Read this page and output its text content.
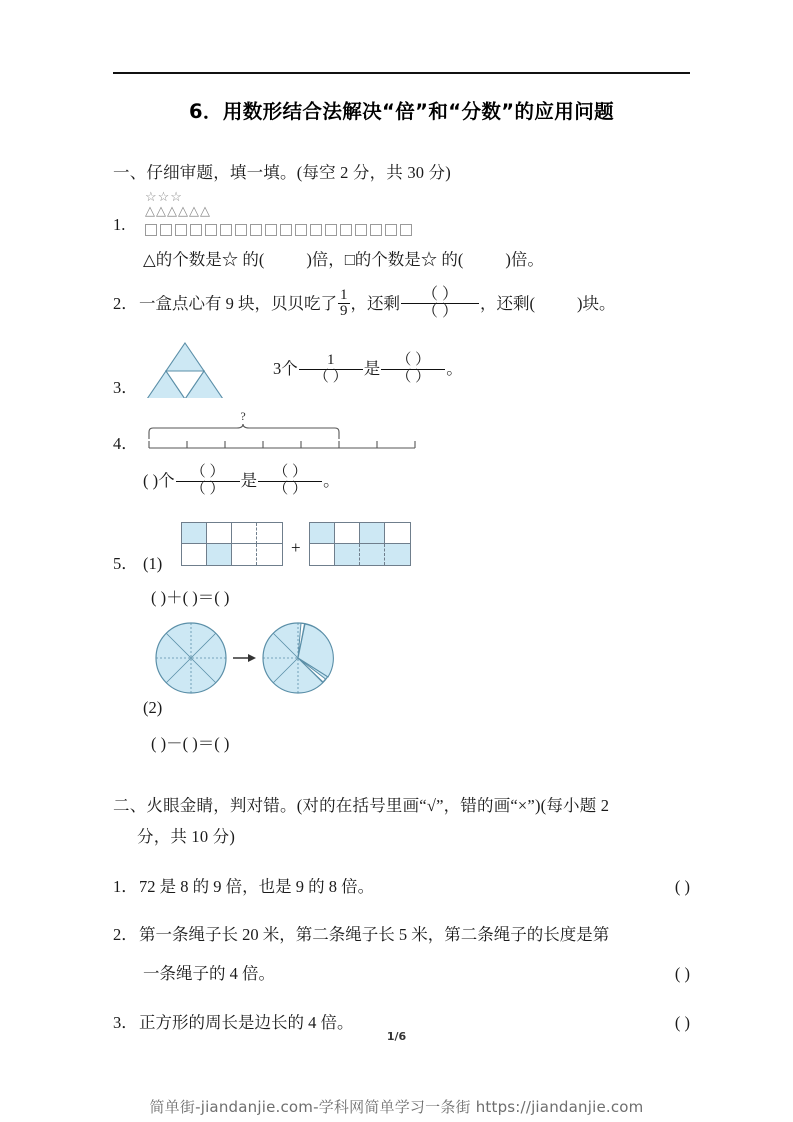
6．用数形结合法解决“倍”和“分数”的应用问题
一、仔细审题，填一填。(每空 2 分，共 30 分)
☆☆☆
△△△△△△
1.
△的个数是☆ 的(	)倍，□的个数是☆ 的(	)倍。
2．一盒点心有 9 块，贝贝吃了 $\frac{1}{9}$ ，还剩 $\frac{( )}{( )}$ ，还剩(	)块。
3．
3个 $\frac{1}{( )}$ 是 $\frac{( )}{( )}$ 。
4．
?
( )个 $\frac{( )}{( )}$ 是 $\frac{( )}{( )}$ 。
5． (1)
+
( )＋( )＝( )
(2)
( )－( )＝( )
二、火眼金睛，判对错。(对的在括号里画“√”，错的画“×”)(每小题 2
分，共 10 分)
1．72 是 8 的 9 倍，也是 9 的 8 倍。	( )
2．第一条绳子长 20 米，第二条绳子长 5 米，第二条绳子的长度是第
一条绳子的 4 倍。	( )
3．正方形的周长是边长的 4 倍。	( )
1/6
简单街-jiandanjie.com-学科网简单学习一条街 https://jiandanjie.com
